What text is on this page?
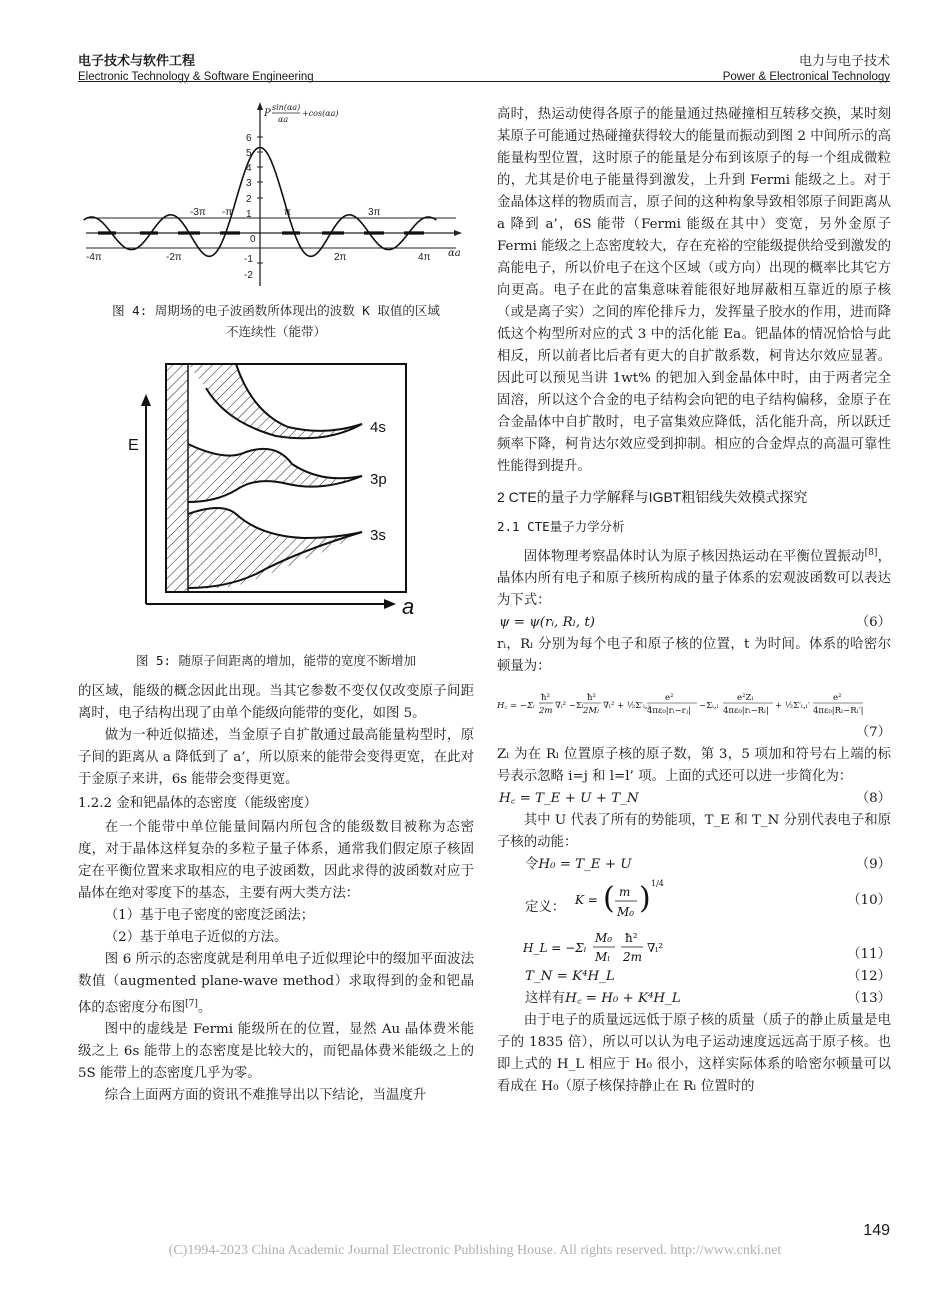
电子技术与软件工程
Electronic Technology & Software Engineering
电力与电子技术
Power & Electronical Technology
6
5
4
3
2
1
0
-1
-2
P
sin(αa)
αa
+cos(αa)
αa
-3π -π	π	3π
-4π	-2π	2π	4π
图 4: 周期场的电子波函数所体现出的波数 K 取值的区域
不连续性（能带）
E
a
4s
3p
3s
图 5: 随原子间距离的增加，能带的宽度不断增加

的区域，能级的概念因此出现。当其它参数不变仅仅改变原子间距离时，电子结构出现了由单个能级向能带的变化，如图 5。

做为一种近似描述，当金原子自扩散通过最高能量构型时，原子间的距离从 a 降低到了 a’，所以原来的能带会变得更宽，在此对于金原子来讲，6s 能带会变得更宽。

1.2.2 金和钯晶体的态密度（能级密度）

在一个能带中单位能量间隔内所包含的能级数目被称为态密度，对于晶体这样复杂的多粒子量子体系，通常我们假定原子核固定在平衡位置来求取相应的电子波函数，因此求得的波函数对应于晶体在绝对零度下的基态，主要有两大类方法：

（1）基于电子密度的密度泛函法；

（2）基于单电子近似的方法。

图 6 所示的态密度就是利用单电子近似理论中的缀加平面波法数值（augmented plane-wave method）求取得到的金和钯晶体的态密度分布图[7]。

图中的虚线是 Fermi 能级所在的位置，显然 Au 晶体费米能级之上 6s 能带上的态密度是比较大的，而钯晶体费米能级之上的 5S 能带上的态密度几乎为零。

综合上面两方面的资讯不难推导出以下结论，当温度升

高时，热运动使得各原子的能量通过热碰撞相互转移交换，某时刻某原子可能通过热碰撞获得较大的能量而振动到图 2 中间所示的高能量构型位置，这时原子的能量是分布到该原子的每一个组成微粒的，尤其是价电子能量得到激发，上升到 Fermi 能级之上。对于金晶体这样的物质而言，原子间的这种构象导致相邻原子间距离从 a 降到 a’，6S 能带（Fermi 能级在其中）变宽，另外金原子 Fermi 能级之上态密度较大，存在充裕的空能级提供给受到激发的高能电子，所以价电子在这个区域（或方向）出现的概率比其它方向更高。电子在此的富集意味着能很好地屏蔽相互靠近的原子核（或是离子实）之间的库伦排斥力，发挥量子胶水的作用，进而降低这个构型所对应的式 3 中的活化能 Ea。钯晶体的情况恰恰与此相反，所以前者比后者有更大的自扩散系数，柯肯达尔效应显著。因此可以预见当讲 1wt% 的钯加入到金晶体中时，由于两者完全固溶，所以这个合金的电子结构会向钯的电子结构偏移，金原子在合金晶体中自扩散时，电子富集效应降低，活化能升高，所以跃迁频率下降，柯肯达尔效应受到抑制。相应的合金焊点的高温可靠性性能得到提升。

2 CTE的量子力学解释与IGBT粗铝线失效模式探究
2.1 CTE量子力学分析

固体物理考察晶体时认为原子核因热运动在平衡位置振动[8]，晶体内所有电子和原子核所构成的量子体系的宏观波函数可以表达为下式：

ψ = ψ(rᵢ, Rₗ, t)	（6）

rᵢ，Rₗ 分别为每个电子和原子核的位置，t 为时间。体系的哈密尔顿量为：

H꜀ = −Σᵢ
ħ²
2m ∇ᵢ² −Σₗ
ħ²
2Mₗ ∇ₗ² + ½Σ′ᵢ,ⱼ
e²
4πε₀|rᵢ−rⱼ| −Σᵢ,ₗ
e²Zₗ
4πε₀|rᵢ−Rₗ| + ½Σ′ₗ,ₗ′
e²
4πε₀|Rₗ−Rₗ′|
（7）

Zₗ 为在 Rₗ 位置原子核的原子数，第 3，5 项加和符号右上端的标号表示忽略 i=j 和 l=l’ 项。上面的式还可以进一步简化为：

H꜀ = T_E + U + T_N	（8）

其中 U 代表了所有的势能项，T_E 和 T_N 分别代表电子和原子核的动能：

令H₀ = T_E + U	（9）
定义： K = ( m
M₀ ) 1/4
（10）
H_L = −Σₗ
M₀
Mₗ
ħ²
2m
∇ₗ²	（11）
T_N = K⁴H_L	（12）
这样有H꜀ = H₀ + K⁴H_L	（13）

由于电子的质量远远低于原子核的质量（质子的静止质量是电子的 1835 倍），所以可以认为电子运动速度远远高于原子核。也即上式的 H_L 相应于 H₀ 很小，这样实际体系的哈密尔顿量可以看成在 H₀（原子核保持静止在 Rₗ 位置时的

149
(C)1994-2023 China Academic Journal Electronic Publishing House. All rights reserved. http://www.cnki.net
